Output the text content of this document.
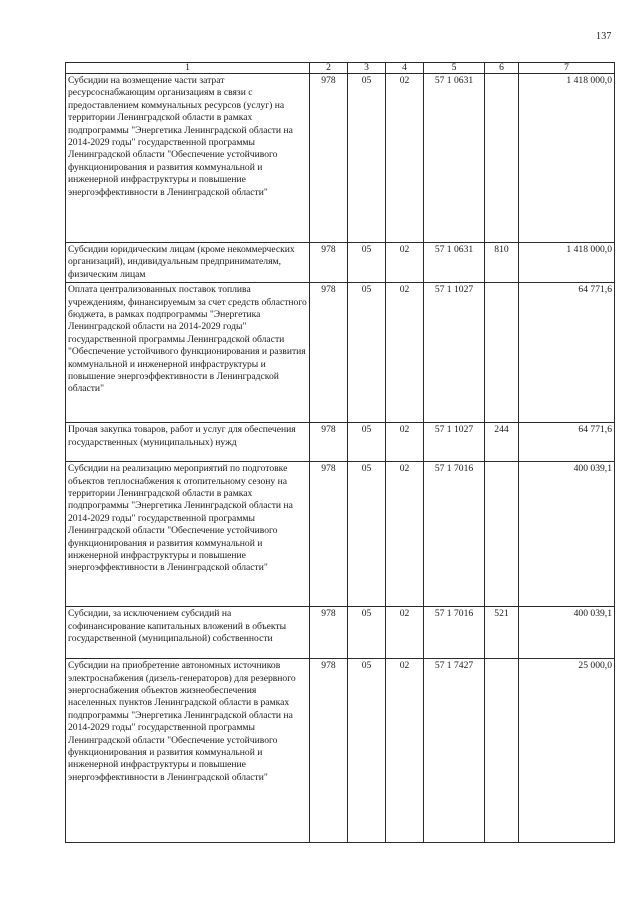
137
1	2	3	4	5	6	7
Субсидии на возмещение части затрат ресурсоснабжающим организациям в связи с предоставлением коммунальных ресурсов (услуг) на территории Ленинградской области в рамках подпрограммы "Энергетика Ленинградской области на 2014-2029 годы" государственной программы Ленинградской области "Обеспечение устойчивого функционирования и развития коммунальной и инженерной инфраструктуры и повышение энергоэффективности в Ленинградской области"	978	05	02	57 1 0631		1 418 000,0
Субсидии юридическим лицам (кроме некоммерческих организаций), индивидуальным предпринимателям, физическим лицам	978	05	02	57 1 0631	810	1 418 000,0
Оплата централизованных поставок топлива учреждениям, финансируемым за счет средств областного бюджета, в рамках подпрограммы "Энергетика Ленинградской области на 2014-2029 годы" государственной программы Ленинградской области "Обеспечение устойчивого функционирования и развития коммунальной и инженерной инфраструктуры и повышение энергоэффективности в Ленинградской области"	978	05	02	57 1 1027		64 771,6
Прочая закупка товаров, работ и услуг для обеспечения государственных (муниципальных) нужд	978	05	02	57 1 1027	244	64 771,6
Субсидии на реализацию мероприятий по подготовке объектов теплоснабжения к отопительному сезону на территории Ленинградской области в рамках подпрограммы "Энергетика Ленинградской области на 2014-2029 годы" государственной программы Ленинградской области "Обеспечение устойчивого функционирования и развития коммунальной и инженерной инфраструктуры и повышение энергоэффективности в Ленинградской области"	978	05	02	57 1 7016		400 039,1
Субсидии, за исключением субсидий на софинансирование капитальных вложений в объекты государственной (муниципальной) собственности	978	05	02	57 1 7016	521	400 039,1
Субсидии на приобретение автономных источников электроснабжения (дизель-генераторов) для резервного энергоснабжения объектов жизнеобеспечения населенных пунктов Ленинградской области в рамках подпрограммы "Энергетика Ленинградской области на 2014-2029 годы" государственной программы Ленинградской области "Обеспечение устойчивого функционирования и развития коммунальной и инженерной инфраструктуры и повышение энергоэффективности в Ленинградской области"	978	05	02	57 1 7427		25 000,0
